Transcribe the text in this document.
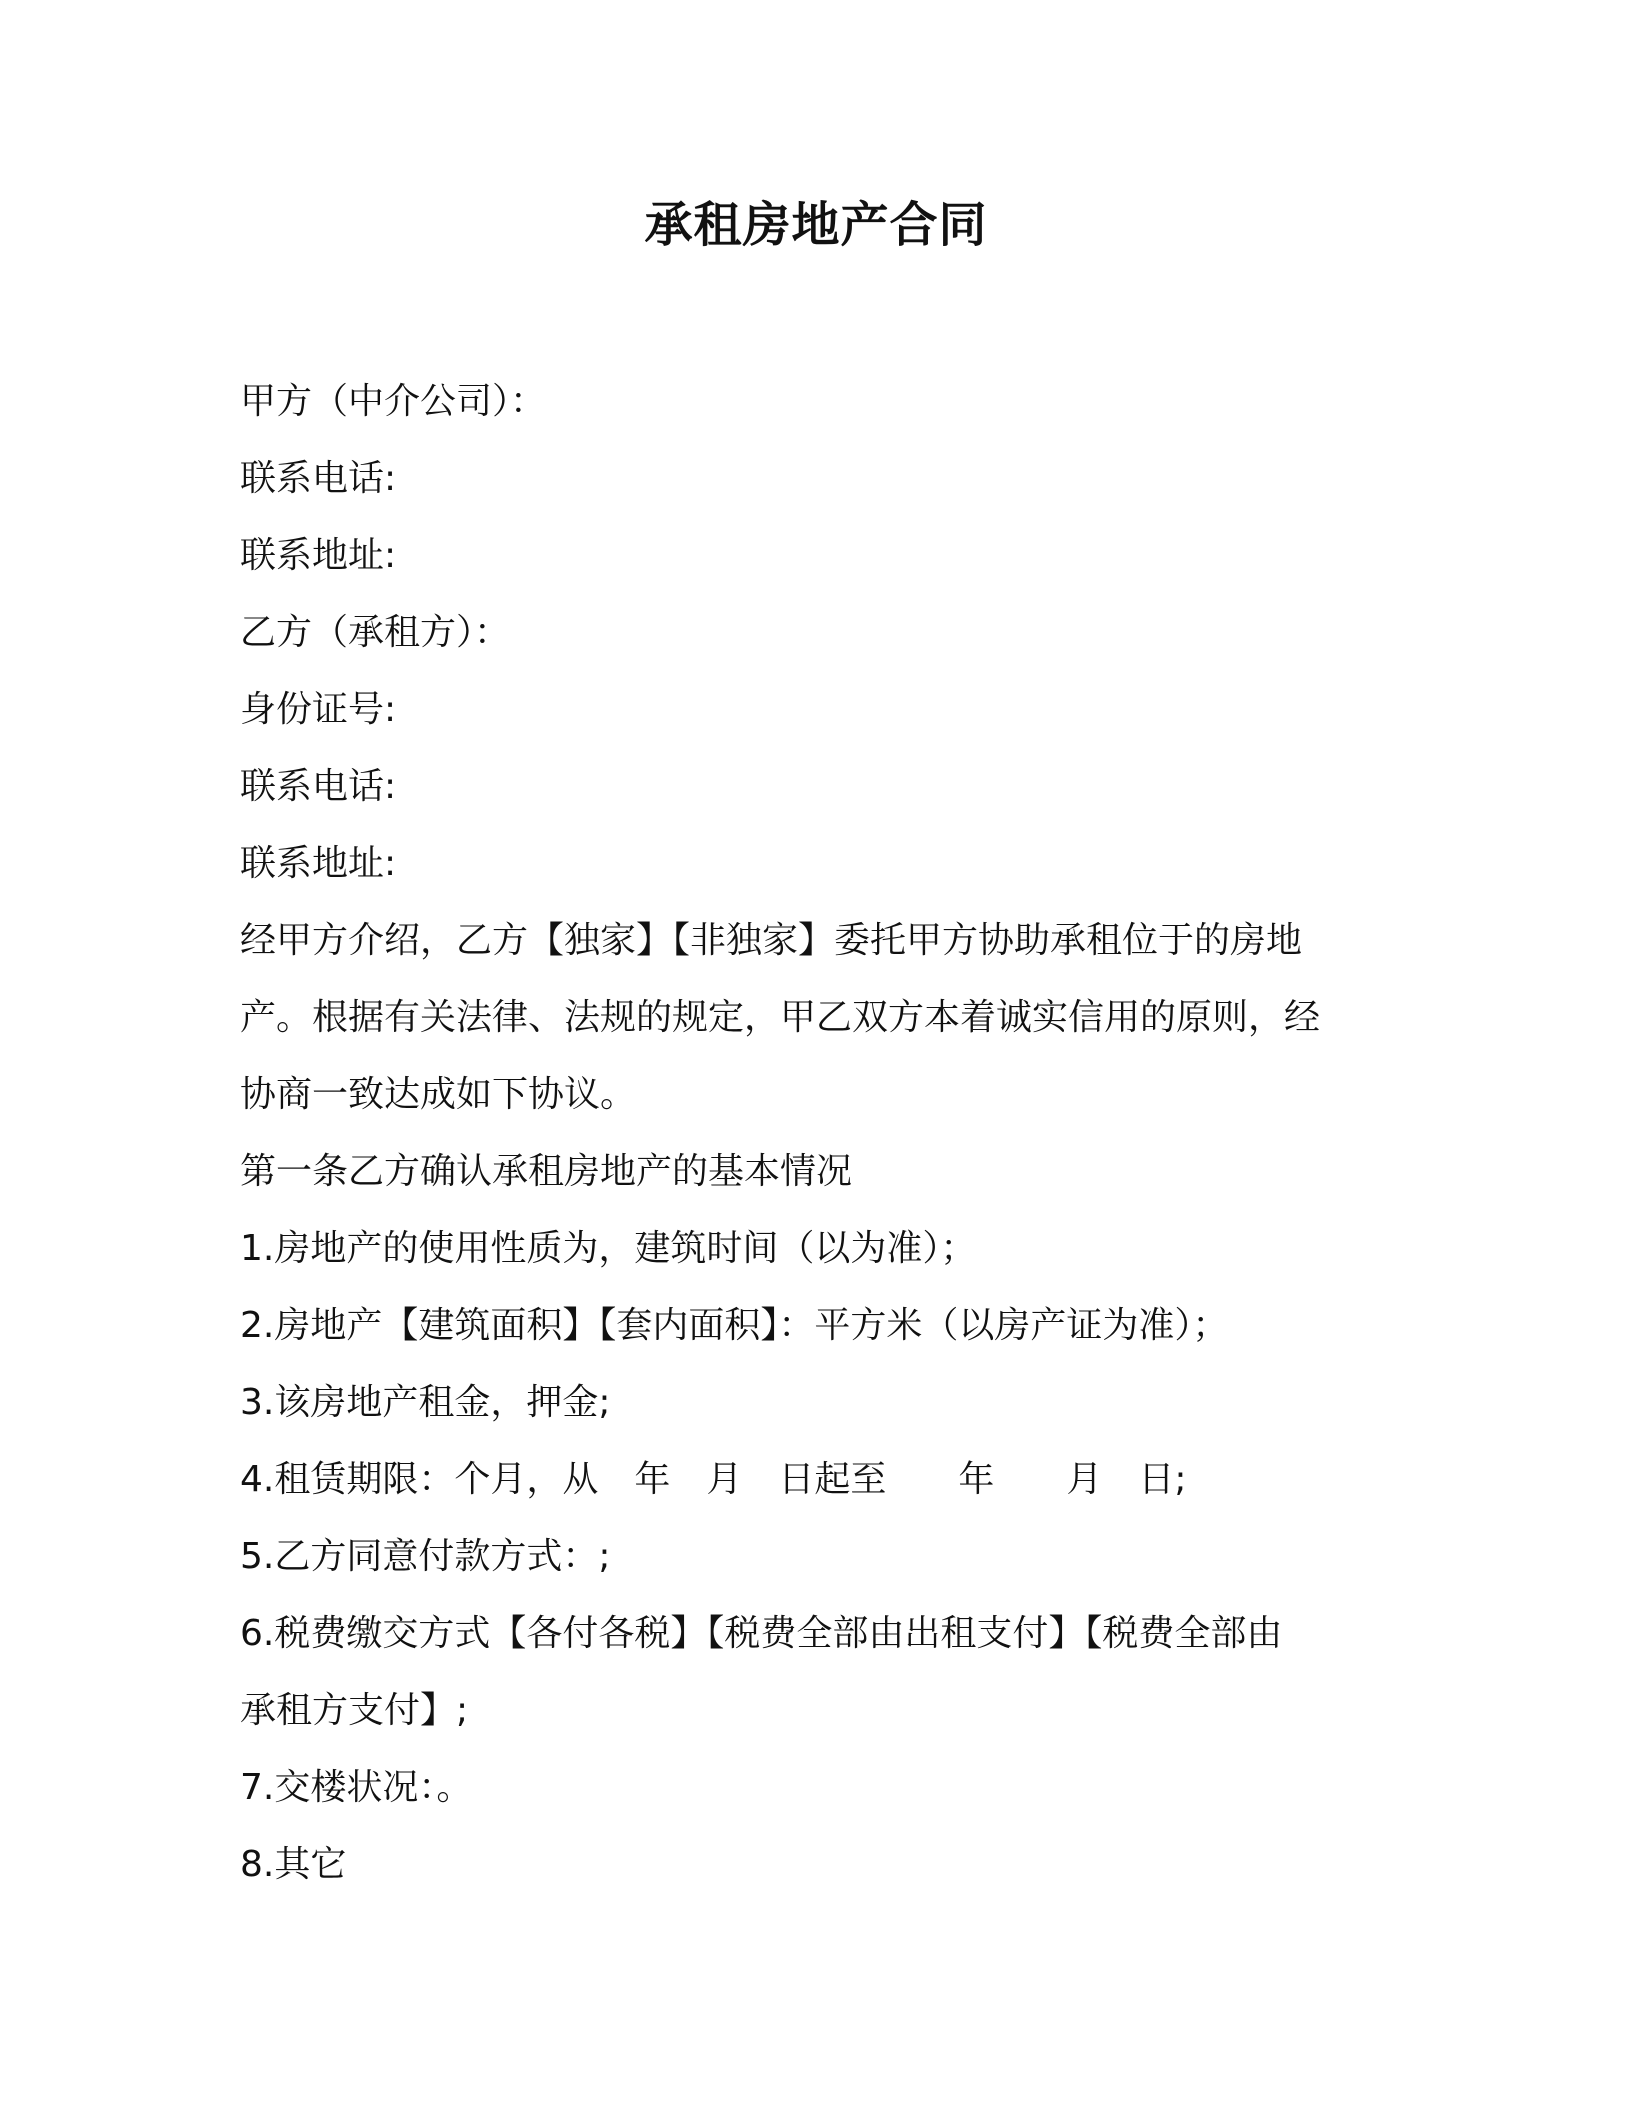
承租房地产合同
甲方（中介公司）：
联系电话:
联系地址:
乙方（承租方）：
身份证号:
联系电话:
联系地址:
经甲方介绍，乙方【独家】【非独家】委托甲方协助承租位于的房地
产。根据有关法律、法规的规定，甲乙双方本着诚实信用的原则，经
协商一致达成如下协议。
第一条乙方确认承租房地产的基本情况
1.房地产的使用性质为，建筑时间（以为准）；
2.房地产【建筑面积】【套内面积】：平方米（以房产证为准）；
3.该房地产租金，押金;
4.租赁期限：个月，从　年　月　日起至　　年　　月　日;
5.乙方同意付款方式：;
6.税费缴交方式【各付各税】【税费全部由出租支付】【税费全部由
承租方支付】;
7.交楼状况：。
8.其它
